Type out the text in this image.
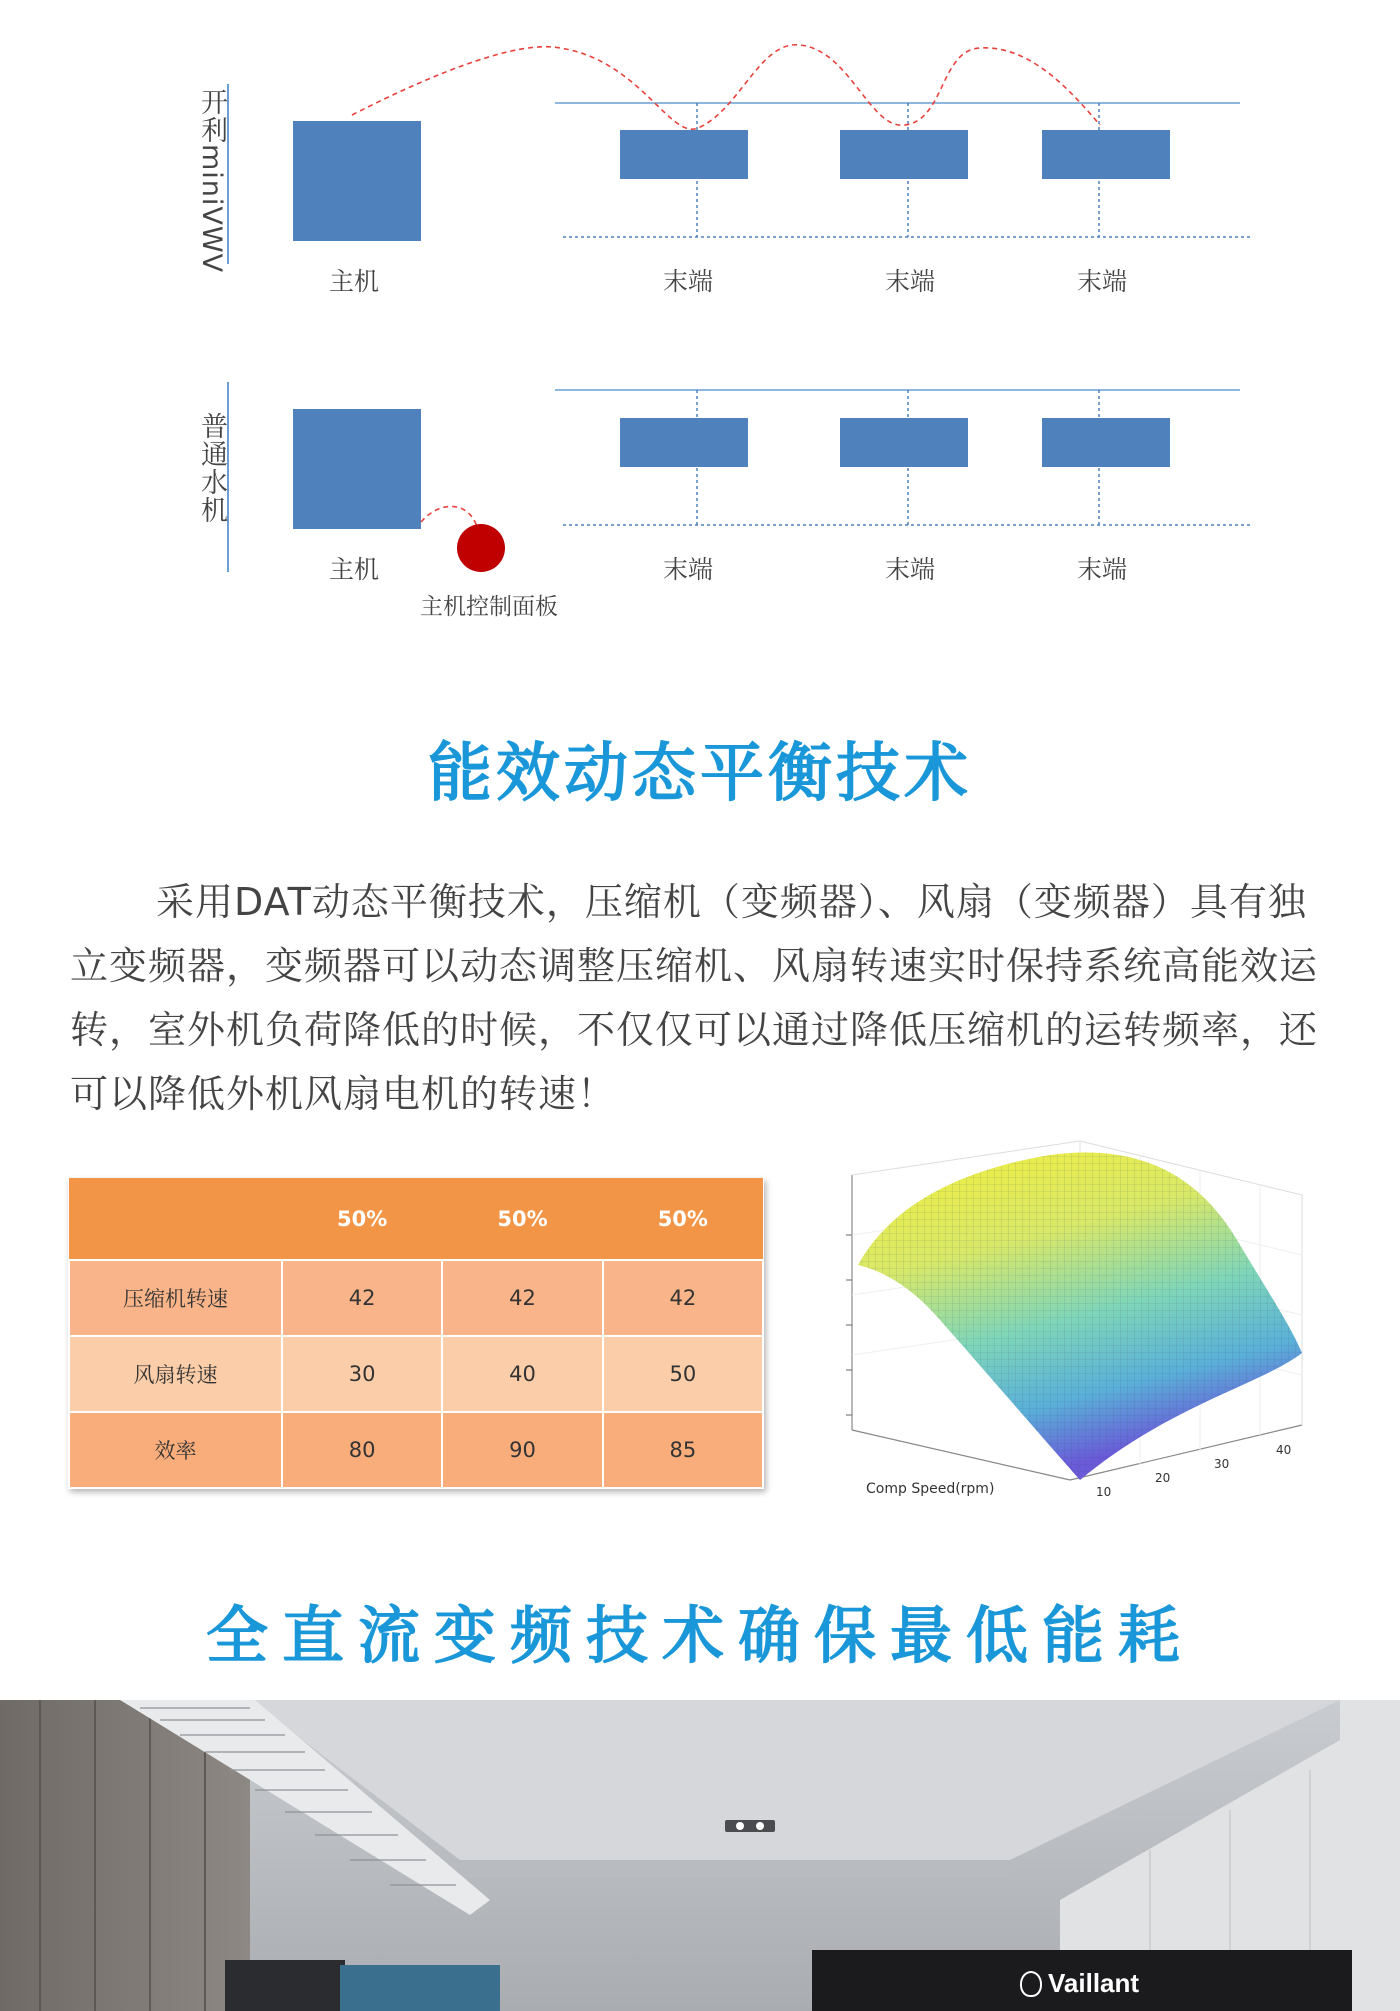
开利miniVWV
主机	末端	末端	末端
普通水机
主机
主机控制面板
末端	末端	末端
能效动态平衡技术
采用DAT动态平衡技术，压缩机（变频器）、风扇（变频器）具有独立变频器，变频器可以动态调整压缩机、风扇转速实时保持系统高能效运转，室外机负荷降低的时候，不仅仅可以通过降低压缩机的运转频率，还可以降低外机风扇电机的转速！
	50%	50%	50%
压缩机转速	42	42	42
风扇转速	30	40	50
效率	80	90	85
Comp Speed(rpm)	10
20
30
40
全直流变频技术确保最低能耗
Vaillant
